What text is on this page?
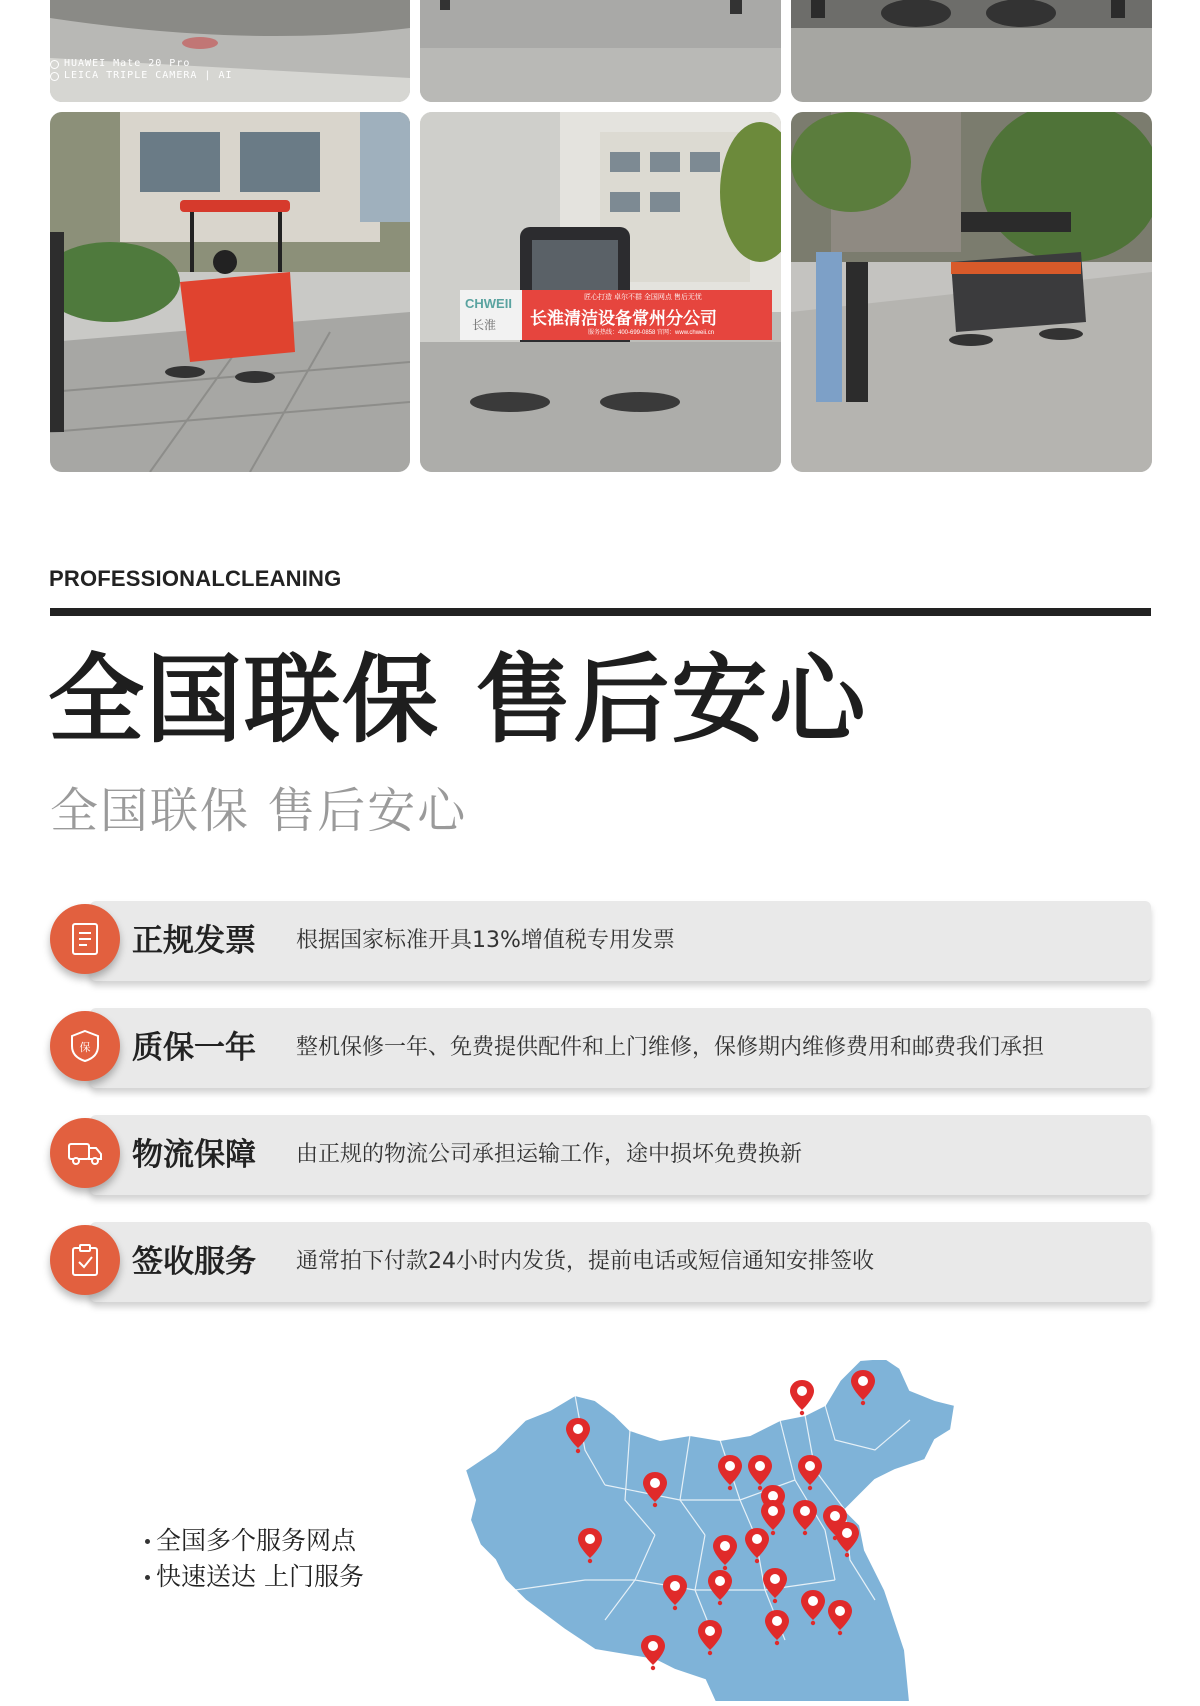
HUAWEI Mate 20 Pro
LEICA TRIPLE CAMERA | AI
CHWEII
长淮
匠心打造 卓尔不群 全国网点 售后无忧
长淮清洁设备常州分公司
服务热线：400-699-0858 官网：www.chweii.cn
PROFESSIONALCLEANING
全国联保 售后安心
全国联保 售后安心
正规发票 根据国家标准开具13%增值税专用发票
保 质保一年 整机保修一年、免费提供配件和上门维修，保修期内维修费用和邮费我们承担
物流保障 由正规的物流公司承担运输工作，途中损坏免费换新
签收服务 通常拍下付款24小时内发货，提前电话或短信通知安排签收
全国多个服务网点
快速送达 上门服务
